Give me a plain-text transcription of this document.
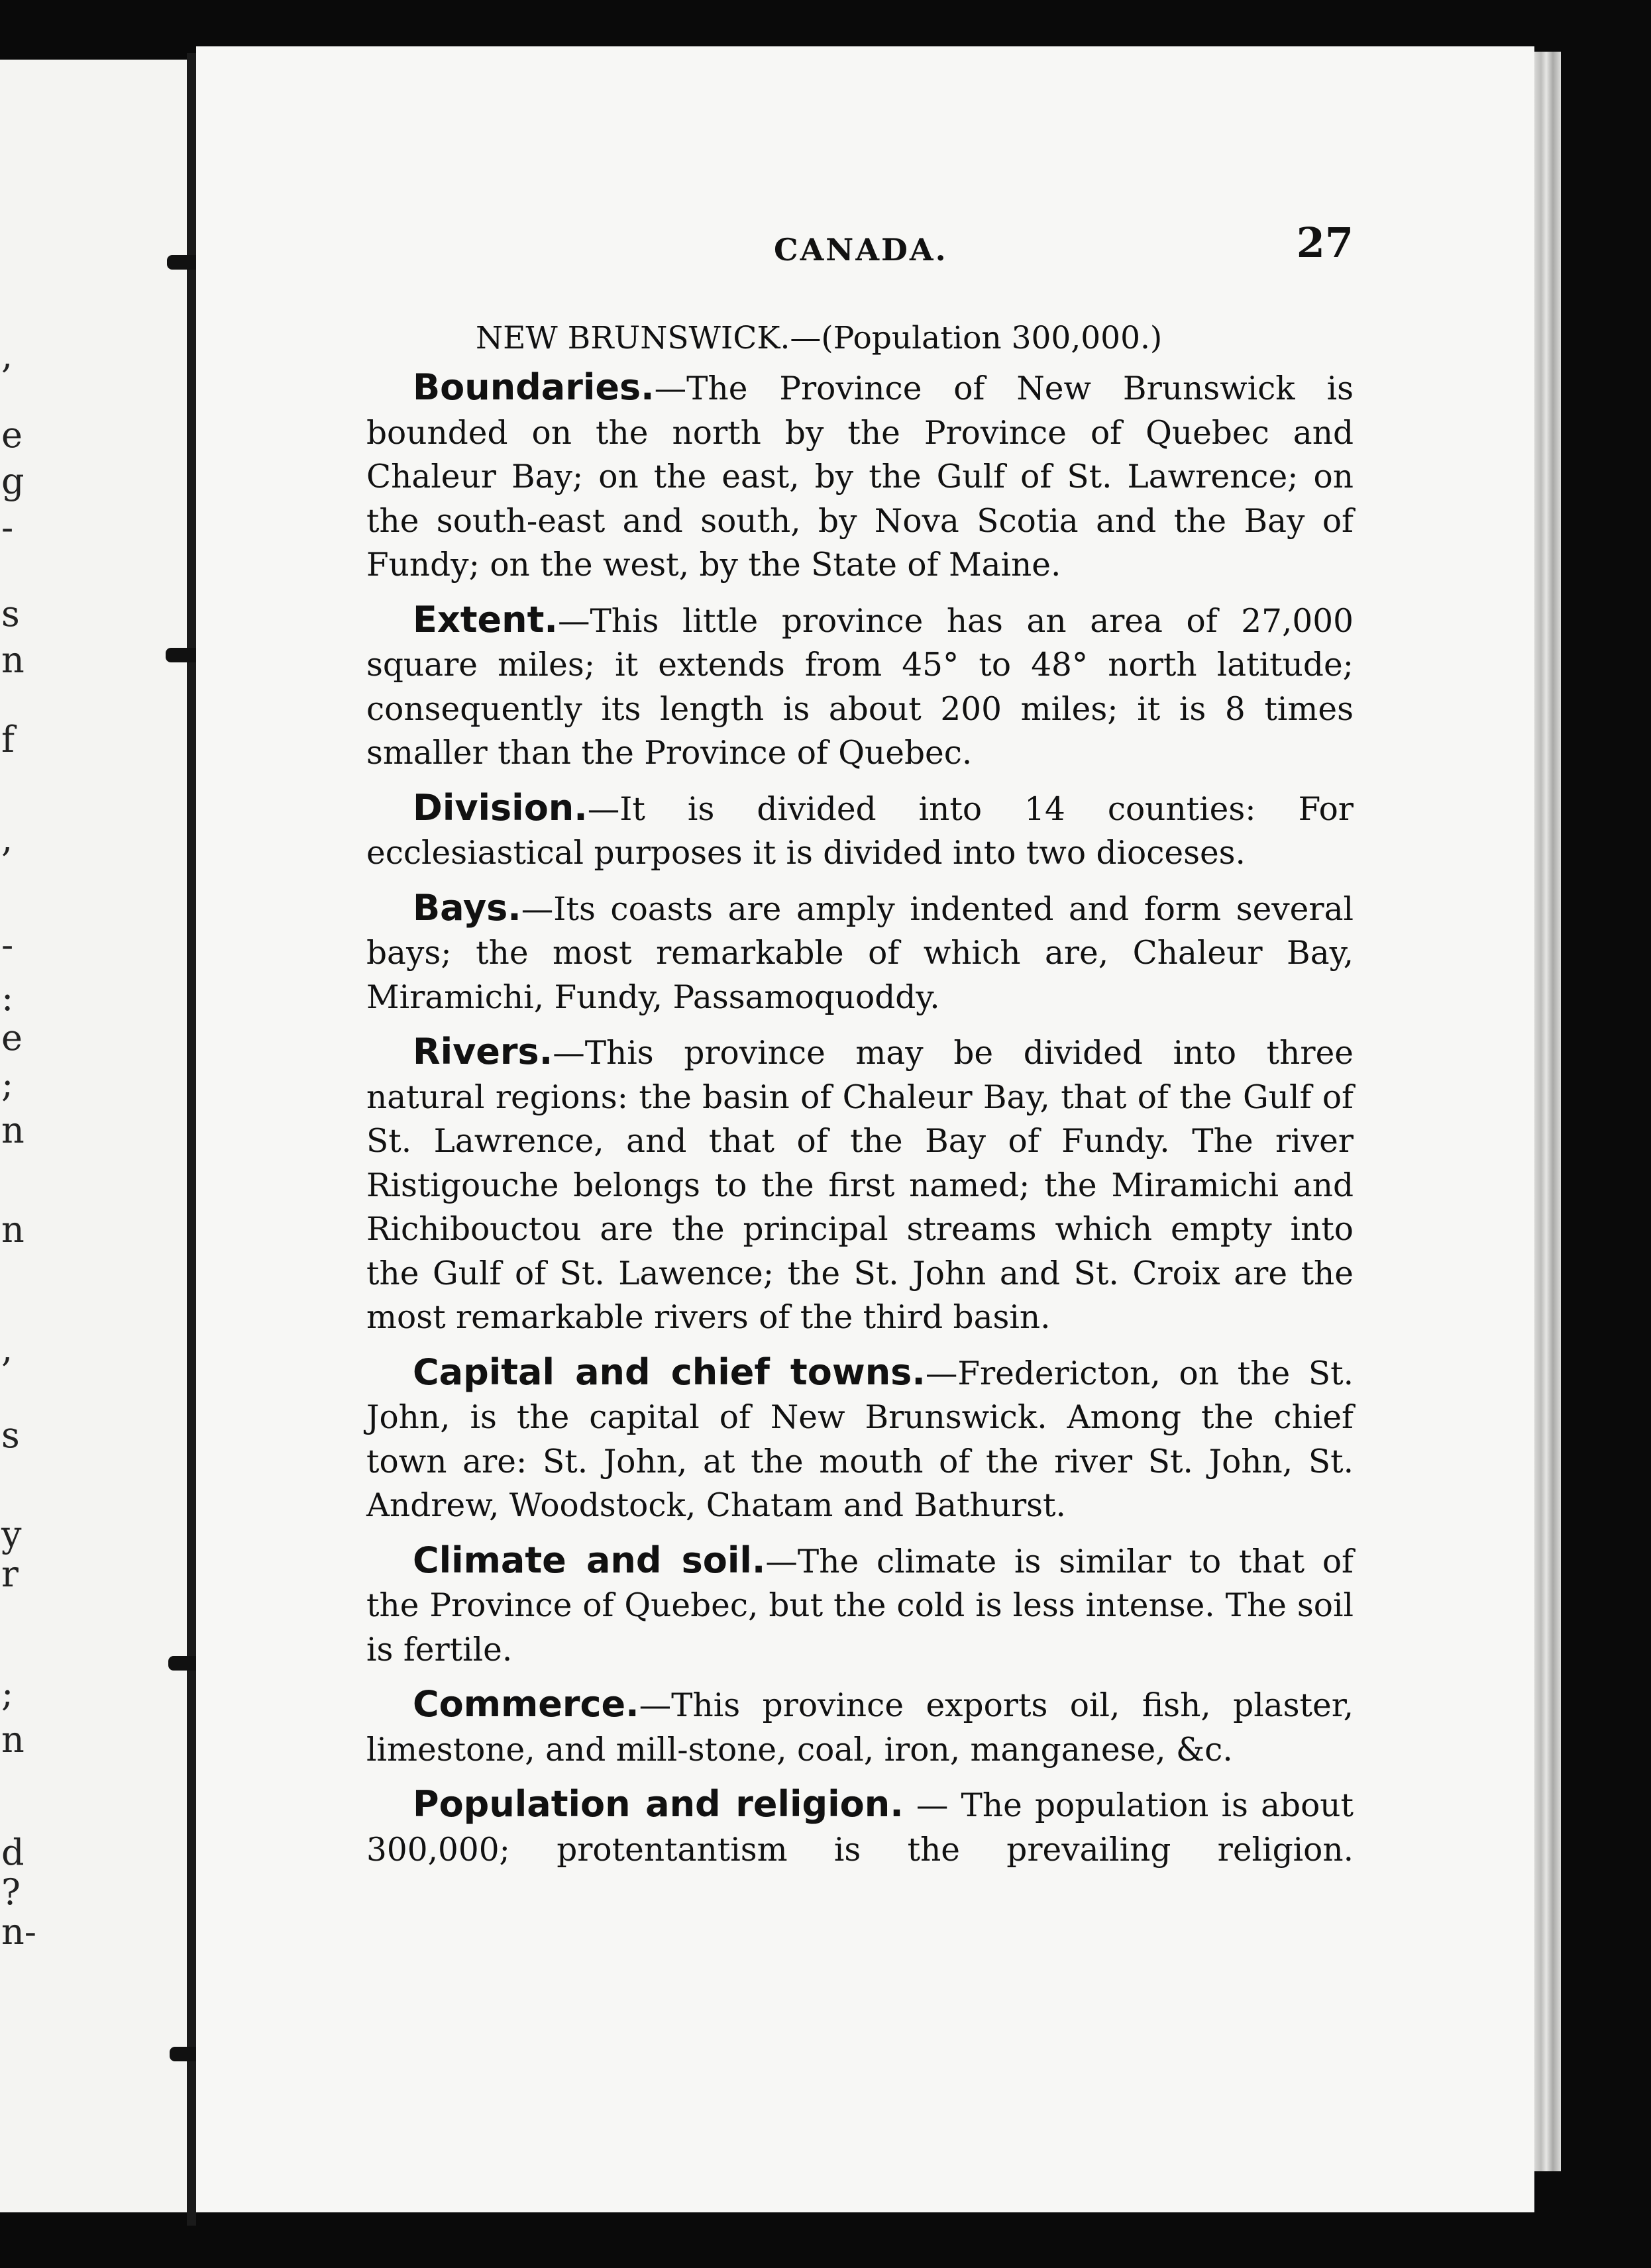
,
e
g
-
s
n
f
,
-
:
e
;
n
n
,
s
y
r
;
n
d
?
n-
CANADA.	27
NEW BRUNSWICK.—(Population 300,000.)

Boundaries.—The Province of New Brunswick is bounded on the north by the Province of Quebec and Chaleur Bay; on the east, by the Gulf of St. Lawrence; on the south-east and south, by Nova Scotia and the Bay of Fundy; on the west, by the State of Maine.

Extent.—This little province has an area of 27,000 square miles; it extends from 45° to 48° north latitude; consequently its length is about 200 miles; it is 8 times smaller than the Province of Quebec.

Division.—It is divided into 14 counties: For ecclesiastical purposes it is divided into two dioceses.

Bays.—Its coasts are amply indented and form several bays; the most remarkable of which are, Chaleur Bay, Miramichi, Fundy, Passamoquoddy.

Rivers.—This province may be divided into three natural regions: the basin of Chaleur Bay, that of the Gulf of St. Lawrence, and that of the Bay of Fundy. The river Ristigouche belongs to the first named; the Miramichi and Richibouctou are the principal streams which empty into the Gulf of St. Lawence; the St. John and St. Croix are the most remarkable rivers of the third basin.

Capital and chief towns.—Fredericton, on the St. John, is the capital of New Brunswick. Among the chief town are: St. John, at the mouth of the river St. John, St. Andrew, Woodstock, Chatam and Bathurst.

Climate and soil.—The climate is similar to that of the Province of Quebec, but the cold is less intense. The soil is fertile.

Commerce.—This province exports oil, fish, plaster, limestone, and mill-stone, coal, iron, manganese, &c.

Population and religion. — The population is about 300,000; protentantism is the prevailing religion.
